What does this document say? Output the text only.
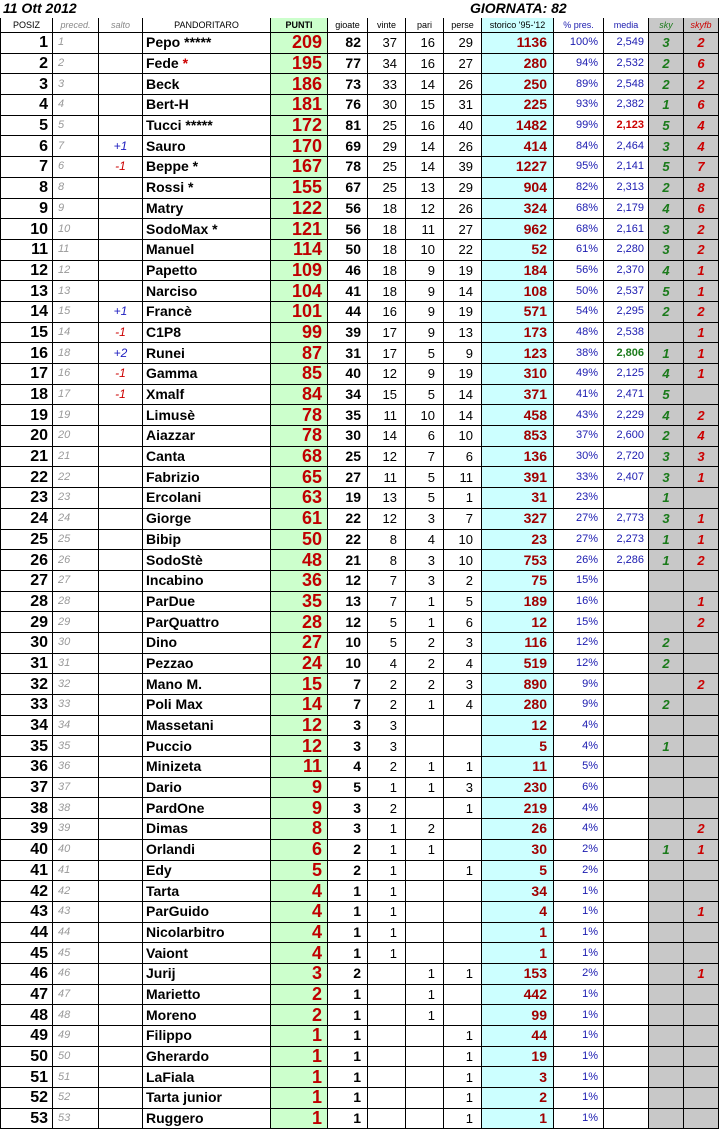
11 Ott 2012	GIORNATA: 82
POSIZ	preced.	salto	PANDORITARO	PUNTI	gioate	vinte	pari	perse	storico '95-'12	% pres.	media	sky	skyfb
1	1		Pepo *****	209	82	37	16	29	1136	100%	2,549	3	2
2	2		Fede *	195	77	34	16	27	280	94%	2,532	2	6
3	3		Beck	186	73	33	14	26	250	89%	2,548	2	2
4	4		Bert-H	181	76	30	15	31	225	93%	2,382	1	6
5	5		Tucci *****	172	81	25	16	40	1482	99%	2,123	5	4
6	7	+1	Sauro	170	69	29	14	26	414	84%	2,464	3	4
7	6	-1	Beppe *	167	78	25	14	39	1227	95%	2,141	5	7
8	8		Rossi *	155	67	25	13	29	904	82%	2,313	2	8
9	9		Matry	122	56	18	12	26	324	68%	2,179	4	6
10	10		SodoMax *	121	56	18	11	27	962	68%	2,161	3	2
11	11		Manuel	114	50	18	10	22	52	61%	2,280	3	2
12	12		Papetto	109	46	18	9	19	184	56%	2,370	4	1
13	13		Narciso	104	41	18	9	14	108	50%	2,537	5	1
14	15	+1	Francè	101	44	16	9	19	571	54%	2,295	2	2
15	14	-1	C1P8	99	39	17	9	13	173	48%	2,538		1
16	18	+2	Runei	87	31	17	5	9	123	38%	2,806	1	1
17	16	-1	Gamma	85	40	12	9	19	310	49%	2,125	4	1
18	17	-1	Xmalf	84	34	15	5	14	371	41%	2,471	5	
19	19		Limusè	78	35	11	10	14	458	43%	2,229	4	2
20	20		Aiazzar	78	30	14	6	10	853	37%	2,600	2	4
21	21		Canta	68	25	12	7	6	136	30%	2,720	3	3
22	22		Fabrizio	65	27	11	5	11	391	33%	2,407	3	1
23	23		Ercolani	63	19	13	5	1	31	23%		1	
24	24		Giorge	61	22	12	3	7	327	27%	2,773	3	1
25	25		Bibip	50	22	8	4	10	23	27%	2,273	1	1
26	26		SodoStè	48	21	8	3	10	753	26%	2,286	1	2
27	27		Incabino	36	12	7	3	2	75	15%			
28	28		ParDue	35	13	7	1	5	189	16%			1
29	29		ParQuattro	28	12	5	1	6	12	15%			2
30	30		Dino	27	10	5	2	3	116	12%		2	
31	31		Pezzao	24	10	4	2	4	519	12%		2	
32	32		Mano M.	15	7	2	2	3	890	9%			2
33	33		Poli Max	14	7	2	1	4	280	9%		2	
34	34		Massetani	12	3	3			12	4%			
35	35		Puccio	12	3	3			5	4%		1	
36	36		Minizeta	11	4	2	1	1	11	5%			
37	37		Dario	9	5	1	1	3	230	6%			
38	38		PardOne	9	3	2		1	219	4%			
39	39		Dimas	8	3	1	2		26	4%			2
40	40		Orlandi	6	2	1	1		30	2%		1	1
41	41		Edy	5	2	1		1	5	2%			
42	42		Tarta	4	1	1			34	1%			
43	43		ParGuido	4	1	1			4	1%			1
44	44		Nicolarbitro	4	1	1			1	1%			
45	45		Vaiont	4	1	1			1	1%			
46	46		Jurij	3	2		1	1	153	2%			1
47	47		Marietto	2	1		1		442	1%			
48	48		Moreno	2	1		1		99	1%			
49	49		Filippo	1	1			1	44	1%			
50	50		Gherardo	1	1			1	19	1%			
51	51		LaFiala	1	1			1	3	1%			
52	52		Tarta junior	1	1			1	2	1%			
53	53		Ruggero	1	1			1	1	1%			
